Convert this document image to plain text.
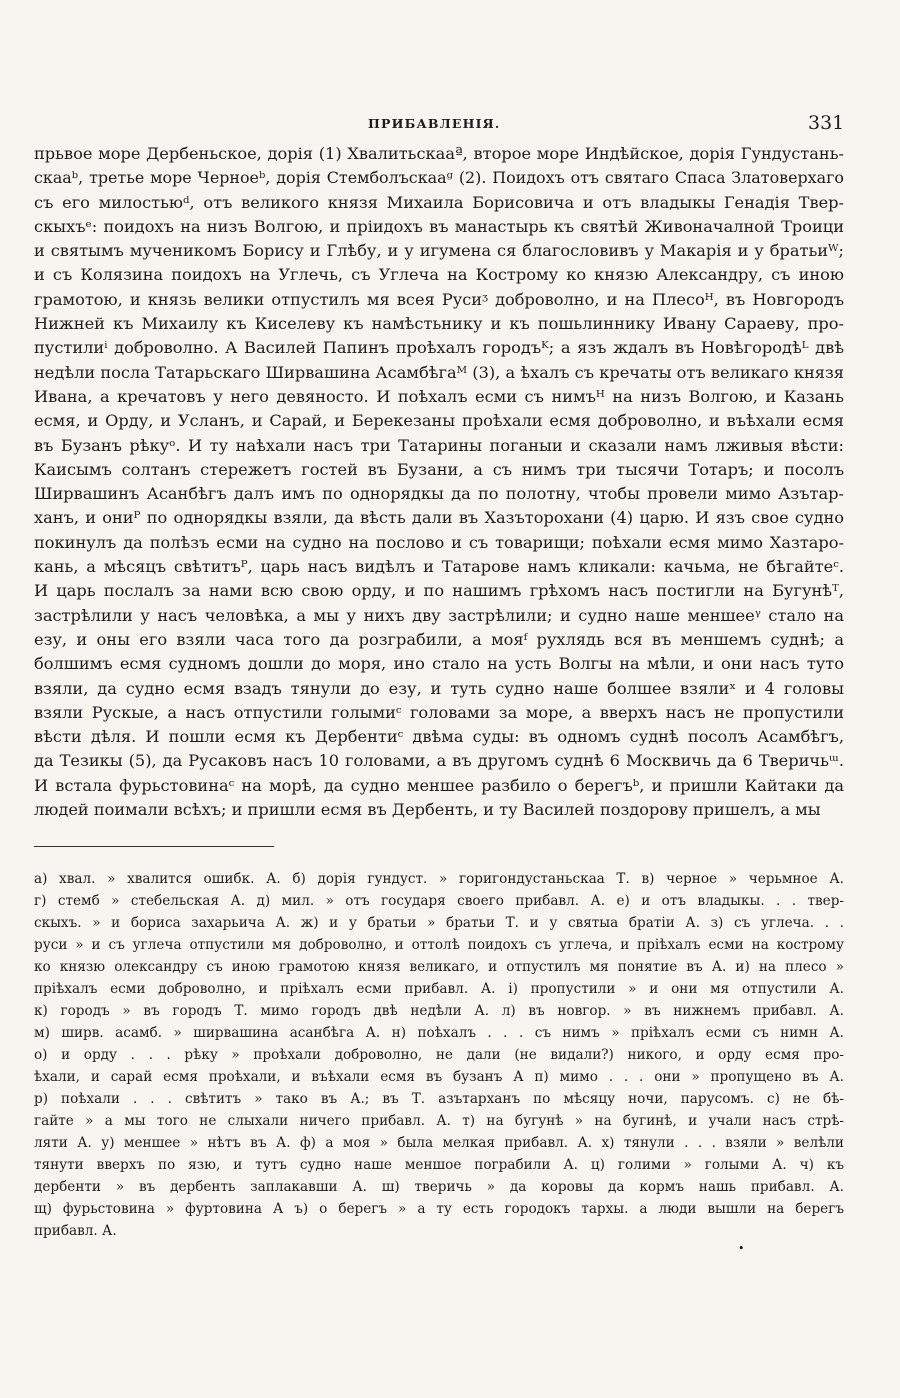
ПРИБАВЛЕНІЯ.	331
прьвое море Дербеньское, дорія (1) Хвалитьскааª, второе море Индѣйское, дорія Гундустань-
скааᵇ, третье море Черноеᵇ, дорія Стемболъскааᵍ (2). Поидохъ отъ святаго Спаса Златоверхаго
съ его милостьюᵈ, отъ великого князя Михаила Борисовича и отъ владыкы Генадія Твер-
скыхъᵉ: поидохъ на низъ Волгою, и пріидохъ въ манастырь къ святѣй Живоначалной Троици
и святымъ мученикомъ Борису и Глѣбу, и у игумена ся благословивъ у Макарія и у братьиᵂ;
и съ Колязина поидохъ на Углечь, съ Углеча на Кострому ко князю Александру, съ иною
грамотою, и князь велики отпустилъ мя всея Русиᶾ доброволно, и на Плесоᴴ, въ Новгородъ
Нижней къ Михаилу къ Киселеву къ намѣстьнику и къ пошьлинникy Ивану Сараеву, про-
пустилиⁱ доброволно. А Василей Папинъ проѣхалъ городъᴷ; а язъ ждалъ въ Новѣгородѣᴸ двѣ
недѣли посла Татарьскаго Ширвашина Асамбѣгаᴹ (3), а ѣхалъ съ кречаты отъ великаго князя
Ивана, а кречатовъ у него девяносто. И поѣхалъ есми съ нимъᴴ на низъ Волгою, и Казань
есмя, и Орду, и Усланъ, и Сарай, и Берекезаны проѣхали есмя доброволно, и въѣхали есмя
въ Бузанъ рѣкуᵒ. И ту наѣхали насъ три Татарины поганыи и сказали намъ лживыя вѣсти:
Каисымъ солтанъ стережетъ гостей въ Бузани, а съ нимъ три тысячи Тотаръ; и посолъ
Ширвашинъ Асанбѣгъ далъ имъ по однорядкы да по полотну, чтобы провели мимо Азътар-
ханъ, и oниᴾ по однорядкы взяли, да вѣсть дали въ Хазъторохани (4) царю. И язъ свое судно
покинулъ да полѣзъ есми на судно на послово и съ товарищи; поѣхали есмя мимо Хазтаро-
кань, а мѣсяцъ свѣтитъᴾ, царь насъ видѣлъ и Татарове намъ кликали: качьма, не бѣгайтеᶜ.
И царь послалъ за нами всю свою орду, и по нашимъ грѣхомъ насъ постигли на Бугунѣᵀ,
застрѣлили у насъ человѣка, а мы у нихъ дву застрѣлили; и судно наше меншееᵞ стало на
езу, и оны его взяли часа того да розграбили, а мояᶠ рухлядь вся въ меншемъ суднѣ; а
болшимъ есмя судномъ дошли до моря, ино стало на усть Волгы на мѣли, и они насъ туто
взяли, да судно есмя взадъ тянули до езу, и туть судно наше болшее взялиˣ и 4 головы
взяли Рускые, а насъ отпустили голымиᶜ головами за море, а вверхъ насъ не пропустили
вѣсти дѣля. И пошли есмя къ Дербентиᶜ двѣма суды: въ одномъ суднѣ посолъ Асамбѣгъ,
да Тезикы (5), да Русаковъ насъ 10 головами, а въ другомъ суднѣ 6 Москвичь да 6 Тверичьᵚ.
И встала фурьстовинаᶜ на морѣ, да судно меншее разбило о берегъᵇ, и пришли Кайтаки да
людей поимали всѣхъ; и пришли есмя въ Дербенть, и ту Василей поздорову пришелъ, а мы
а) хвал. » хвалится ошибк. А. б) дорія гундуст. » горигондустаньскаа Т. в) черное » черьмное А.
г) стемб » стебельская А. д) мил. » отъ государя своего прибавл. А. е) и отъ владыкы. . . твер-
скыхъ. » и бориса захарьича А. ж) и у братьи » братьи Т. и у святыа братіи А. з) съ углеча. . .
руси » и съ углеча отпустили мя доброволно, и оттолѣ поидохъ съ углеча, и пріѣхалъ есми на кострому
ко князю олександру съ иною грамотою князя великаго, и отпустилъ мя понятие въ А. и) на плесо »
пріѣхалъ есми доброволно, и пріѣхалъ есми прибавл. А. і) пропустили » и они мя отпустили А.
к) городъ » въ городъ Т. мимо городъ двѣ недѣли А. л) въ новгор. » въ нижнемъ прибавл. А.
м) ширв. асамб. » ширвашина асанбѣга А. н) поѣхалъ . . . съ нимъ » пріѣхалъ есми съ нимн А.
о) и орду . . . рѣку » проѣхали доброволно, не дали (не видали?) никого, и орду есмя про-
ѣхали, и сарай есмя проѣхали, и въѣхали есмя въ бузанъ А п) мимо . . . они » пропущено въ А.
р) поѣхали . . . свѣтитъ » тако въ А.; въ Т. азътарханъ по мѣсяцу ночи, парусомъ. с) не бѣ-
гайте » а мы того не слыхали ничего прибавл. А. т) на бугунѣ » на бугинѣ, и учали насъ стрѣ-
ляти А. у) меншее » нѣтъ въ А. ф) а моя » была мелкая прибавл. А. х) тянули . . . взяли » велѣли
тянути вверхъ по язю, и тутъ судно наше меншое пограбили А. ц) голими » голыми А. ч) къ
дербенти » въ дербенть заплакавши А. ш) тверичь » да коровы да кормъ нашь прибавл. А.
щ) фурьстовина » фуртовина А ъ) о берегъ » а ту есть городокъ тархы. а люди вышли на берегъ
прибавл. А.
•
